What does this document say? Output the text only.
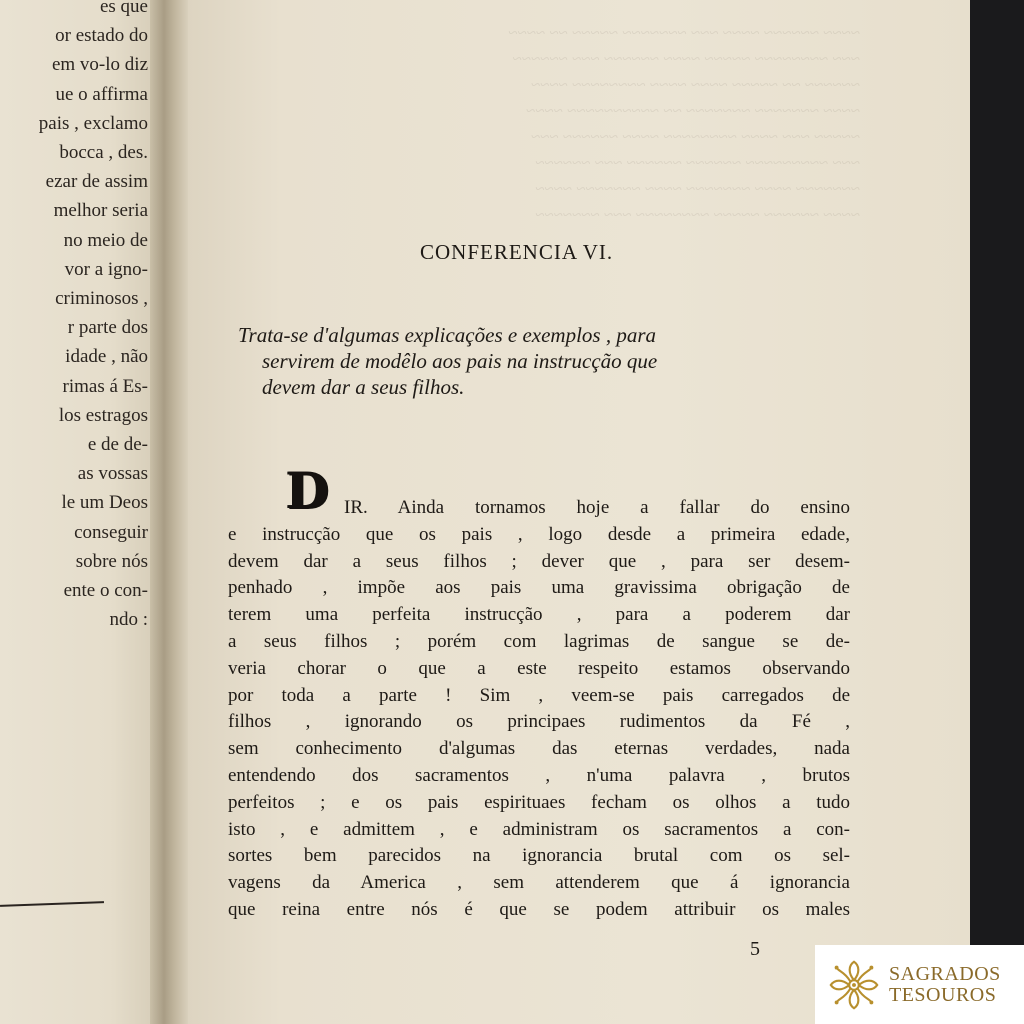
es que
or estado do
em vo-lo diz
ue o affirma
pais , exclamo
bocca , des.
ezar de assim
melhor seria
no meio de
vor a igno-
criminosos ,
r parte dos
idade , não
rimas á Es-
los estragos
e de de-
as vossas
le um Deos
conseguir
sobre nós
ente o con-
ndo :

CONFERENCIA VI.
Trata-se d'algumas explicações e exemplos , para
servirem de modêlo aos pais na instrucção que
devem dar a seus filhos.
D IR. Ainda tornamos hoje a fallar do ensino
e instrucção que os pais , logo desde a primeira edade,
devem dar a seus filhos ; dever que , para ser desem-
penhado , impõe aos pais uma gravissima obrigação de
terem uma perfeita instrucção , para a poderem dar
a seus filhos ; porém com lagrimas de sangue se de-
veria chorar o que a este respeito estamos observando
por toda a parte ! Sim , veem-se pais carregados de
filhos , ignorando os principaes rudimentos da Fé ,
sem conhecimento d'algumas das eternas verdades, nada
entendendo dos sacramentos , n'uma palavra , brutos
perfeitos ; e os pais espirituaes fecham os olhos a tudo
isto , e admittem , e administram os sacramentos a con-
sortes bem parecidos na ignorancia brutal com os sel-
vagens da America , sem attenderem que á ignorancia
que reina entre nós é que se podem attribuir os males
5
SAGRADOS
TESOUROS
